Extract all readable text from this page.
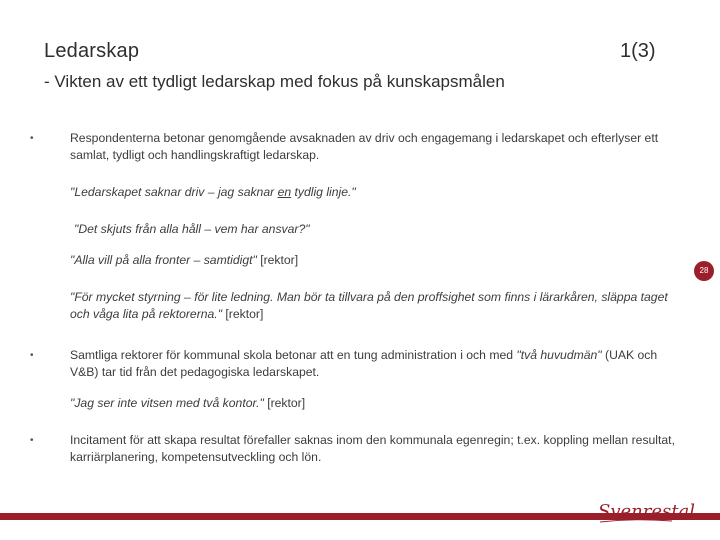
Ledarskap	1(3)
- Vikten av ett tydligt ledarskap med fokus på kunskapsmålen
•	Respondenterna betonar genomgående avsaknaden av driv och engagemang i ledarskapet och efterlyser ett samlat, tydligt och handlingskraftigt ledarskap.
"Ledarskapet saknar driv – jag saknar en tydlig linje."
"Det skjuts från alla håll – vem har ansvar?"
"Alla vill på alla fronter – samtidigt" [rektor]
"För mycket styrning – för lite ledning. Man bör ta tillvara på den proffsighet som finns i lärarkåren, släppa taget och våga lita på rektorerna." [rektor]
•	Samtliga rektorer för kommunal skola betonar att en tung administration i och med "två huvudmän" (UAK och V&B) tar tid från det pedagogiska ledarskapet.
"Jag ser inte vitsen med två kontor." [rektor]
•	Incitament för att skapa resultat förefaller saknas inom den kommunala egenregin; t.ex. koppling mellan resultat, karriärplanering, kompetensutveckling och lön.
28
Svenrestal
